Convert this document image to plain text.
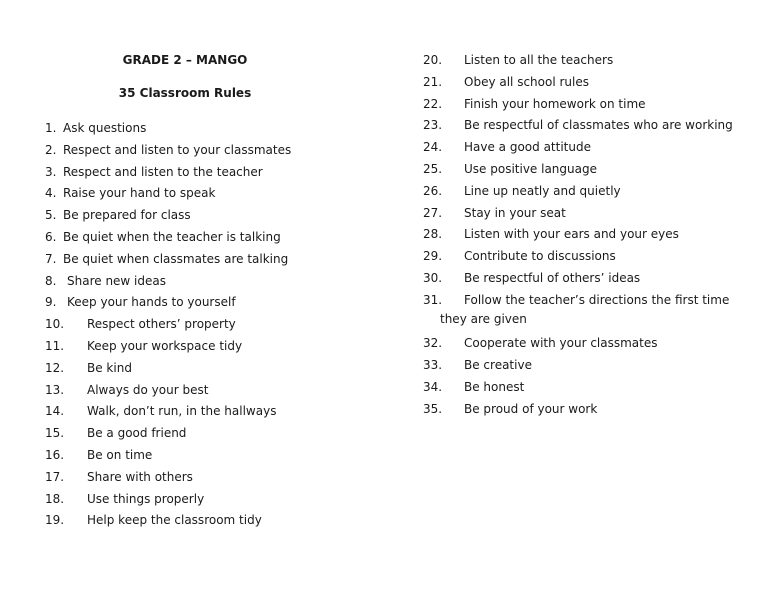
GRADE 2 – MANGO
35 Classroom Rules
1. Ask questions
2. Respect and listen to your classmates
3. Respect and listen to the teacher
4. Raise your hand to speak
5. Be prepared for class
6. Be quiet when the teacher is talking
7. Be quiet when classmates are talking
8. Share new ideas
9. Keep your hands to yourself
10. Respect others’ property
11. Keep your workspace tidy
12. Be kind
13. Always do your best
14. Walk, don’t run, in the hallways
15. Be a good friend
16. Be on time
17. Share with others
18. Use things properly
19. Help keep the classroom tidy
20. Listen to all the teachers
21. Obey all school rules
22. Finish your homework on time
23. Be respectful of classmates who are working
24. Have a good attitude
25. Use positive language
26. Line up neatly and quietly
27. Stay in your seat
28. Listen with your ears and your eyes
29. Contribute to discussions
30. Be respectful of others’ ideas
31. Follow the teacher’s directions the first time
they are given
32. Cooperate with your classmates
33. Be creative
34. Be honest
35. Be proud of your work
